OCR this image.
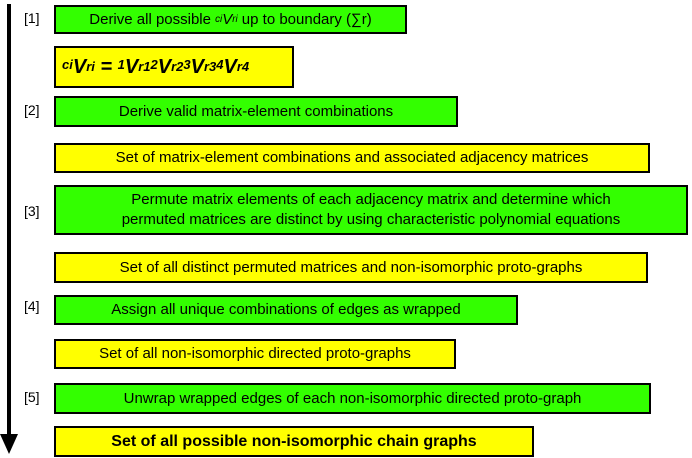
[1]	Derive all possible ci V ri up to boundary (∑r)
$^{ci}$ V ri = $^1$ V $r1^2$ V $r2^3$ V $r3^4$ V r4
[2]	Derive valid matrix-element combinations
Set of matrix-element combinations and associated adjacency matrices
[3]
Permute matrix elements of each adjacency matrix and determine which
permuted matrices are distinct by using characteristic polynomial equations
Set of all distinct permuted matrices and non-isomorphic proto-graphs
[4]	Assign all unique combinations of edges as wrapped
Set of all non-isomorphic directed proto-graphs
[5]	Unwrap wrapped edges of each non-isomorphic directed proto-graph
Set of all possible non-isomorphic chain graphs
